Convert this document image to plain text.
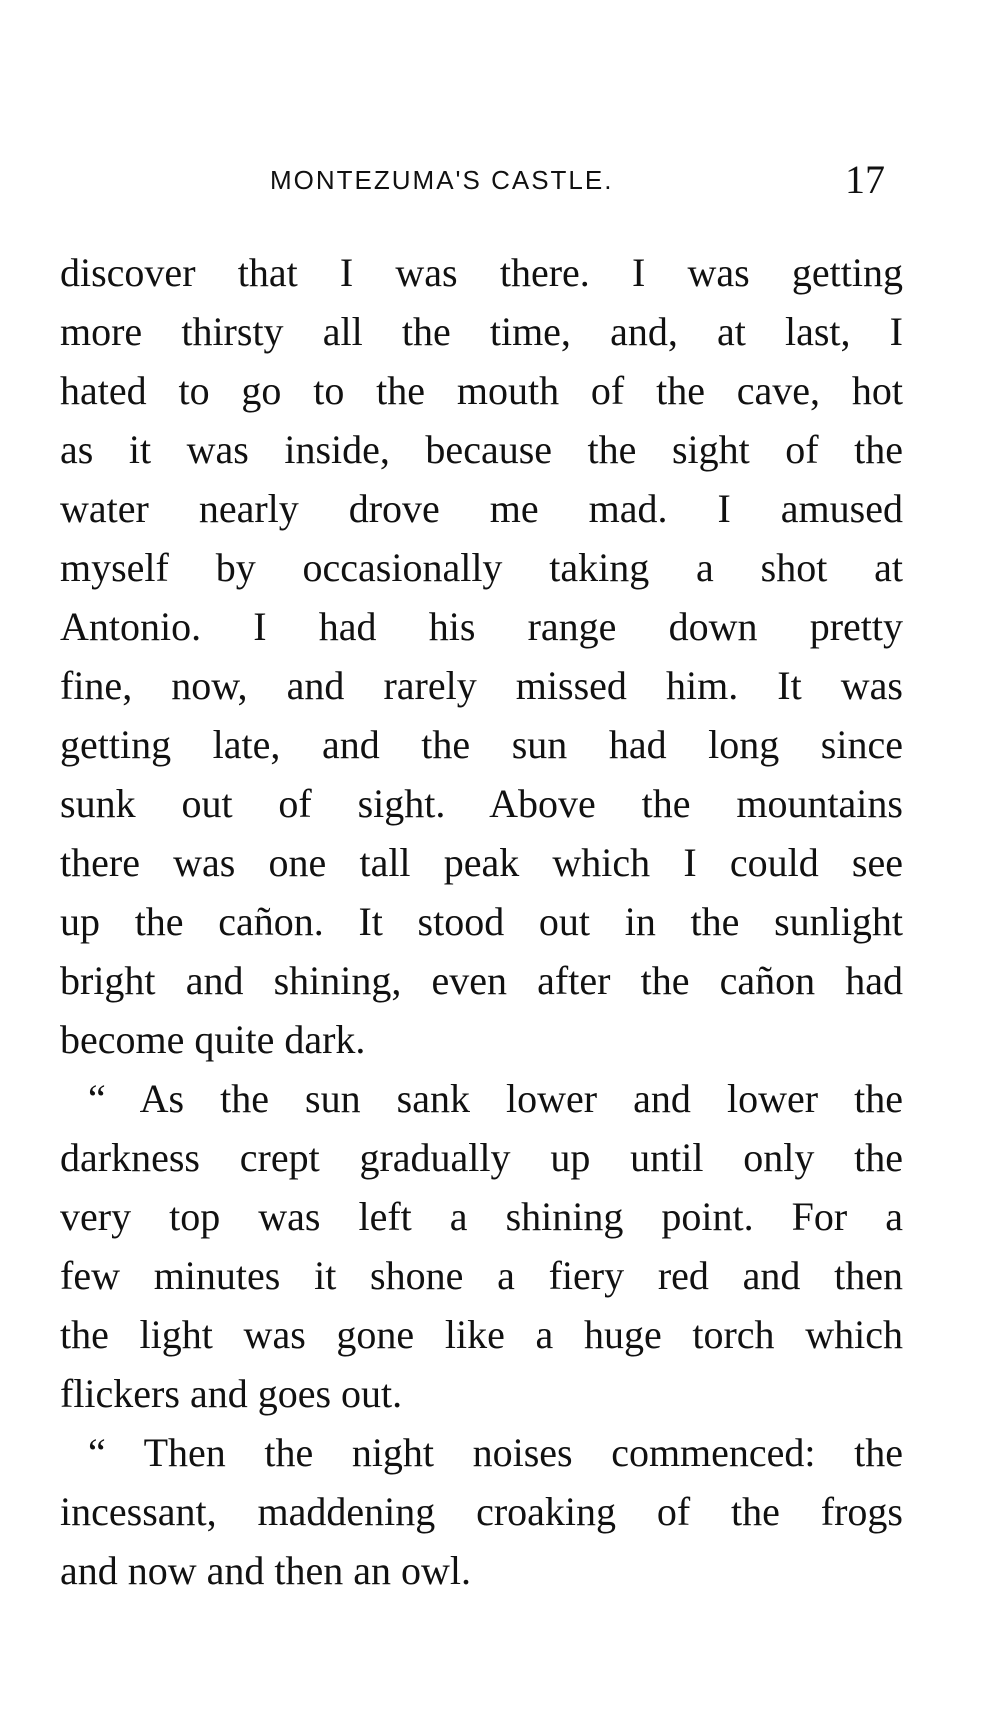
MONTEZUMA'S CASTLE.	17
discover that I was there. I was getting
more thirsty all the time, and, at last, I
hated to go to the mouth of the cave, hot
as it was inside, because the sight of the
water nearly drove me mad. I amused
myself by occasionally taking a shot at
Antonio. I had his range down pretty
fine, now, and rarely missed him. It was
getting late, and the sun had long since
sunk out of sight. Above the mountains
there was one tall peak which I could see
up the cañon. It stood out in the sunlight
bright and shining, even after the cañon had
become quite dark.
“ As the sun sank lower and lower the
darkness crept gradually up until only the
very top was left a shining point. For a
few minutes it shone a fiery red and then
the light was gone like a huge torch which
flickers and goes out.
“ Then the night noises commenced: the
incessant, maddening croaking of the frogs
and now and then an owl.
